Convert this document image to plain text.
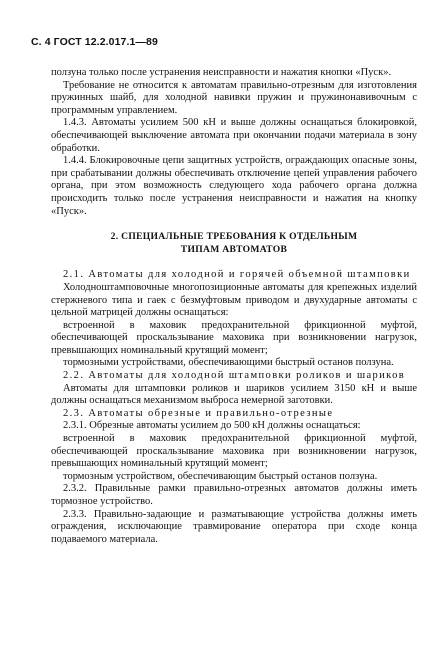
С. 4 ГОСТ 12.2.017.1—89

ползуна только после устранения неисправности и нажатия кнопки «Пуск».

Требование не относится к автоматам правильно-отрезным для изготовления пружинных шайб, для холодной навивки пружин и пружинонавивочным с программным управлением.

1.4.3. Автоматы усилием 500 кН и выше должны оснащаться блокировкой, обеспечивающей выключение автомата при окончании подачи материала в зону обработки.

1.4.4. Блокировочные цепи защитных устройств, ограждающих опасные зоны, при срабатывании должны обеспечивать отключение цепей управления рабочего органа, при этом возможность следующего хода рабочего органа должна происходить только после устранения неисправности и нажатия на кнопку «Пуск».

2. СПЕЦИАЛЬНЫЕ ТРЕБОВАНИЯ К ОТДЕЛЬНЫМ
ТИПАМ АВТОМАТОВ

2.1. Автоматы для холодной и горячей объемной штамповки

Холодноштамповочные многопозиционные автоматы для крепежных изделий стержневого типа и гаек с безмуфтовым приводом и двухударные автоматы с цельной матрицей должны оснащаться:

встроенной в маховик предохранительной фрикционной муфтой, обеспечивающей проскальзывание маховика при возникновении нагрузок, превышающих номинальный крутящий момент;

тормозными устройствами, обеспечивающими быстрый останов ползуна.

2.2. Автоматы для холодной штамповки роликов и шариков

Автоматы для штамповки роликов и шариков усилием 3150 кН и выше должны оснащаться механизмом выброса немерной заготовки.

2.3. Автоматы обрезные и правильно-отрезные

2.3.1. Обрезные автоматы усилием до 500 кН должны оснащаться:

встроенной в маховик предохранительной фрикционной муфтой, обеспечивающей проскальзывание маховика при возникновении нагрузок, превышающих номинальный крутящий момент;

тормозным устройством, обеспечивающим быстрый останов ползуна.

2.3.2. Правильные рамки правильно-отрезных автоматов должны иметь тормозное устройство.

2.3.3. Правильно-задающие и разматывающие устройства должны иметь ограждения, исключающие травмирование оператора при сходе конца подаваемого материала.
